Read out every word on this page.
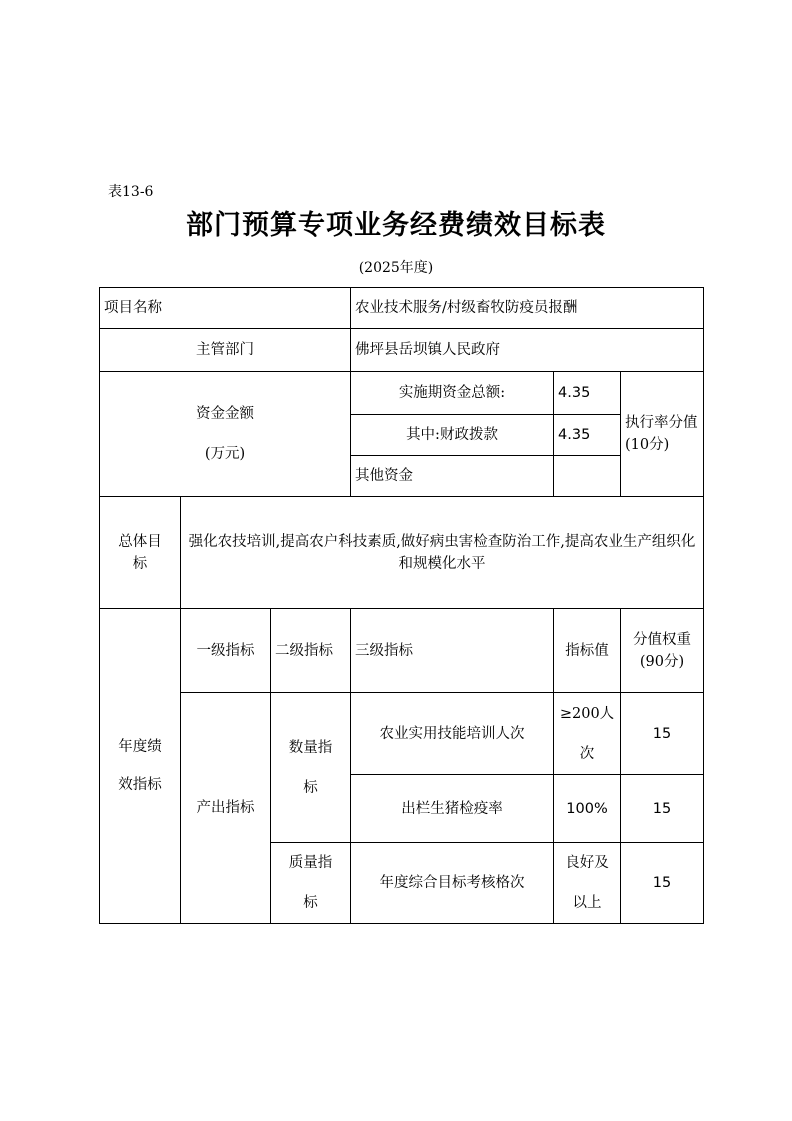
表13-6
部门预算专项业务经费绩效目标表
(2025年度)
项目名称			农业技术服务/村级畜牧防疫员报酬		
主管部门			佛坪县岳坝镇人民政府		

资金金额
(万元)			实施期资金总额:	4.35	执行率分值(10分)
			其中:财政拨款	4.35	
			其他资金		
总体目标	强化农技培训,提高农户科技素质,做好病虫害检查防治工作,提高农业生产组织化和规模化水平				
年度绩效指标	一级指标	二级指标	三级指标	指标值	分值权重(90分)
	产出指标	数量指标	农业实用技能培训人次	≥200人次	15
			出栏生猪检疫率	100%	15
		质量指标	年度综合目标考核格次	良好及以上	15
